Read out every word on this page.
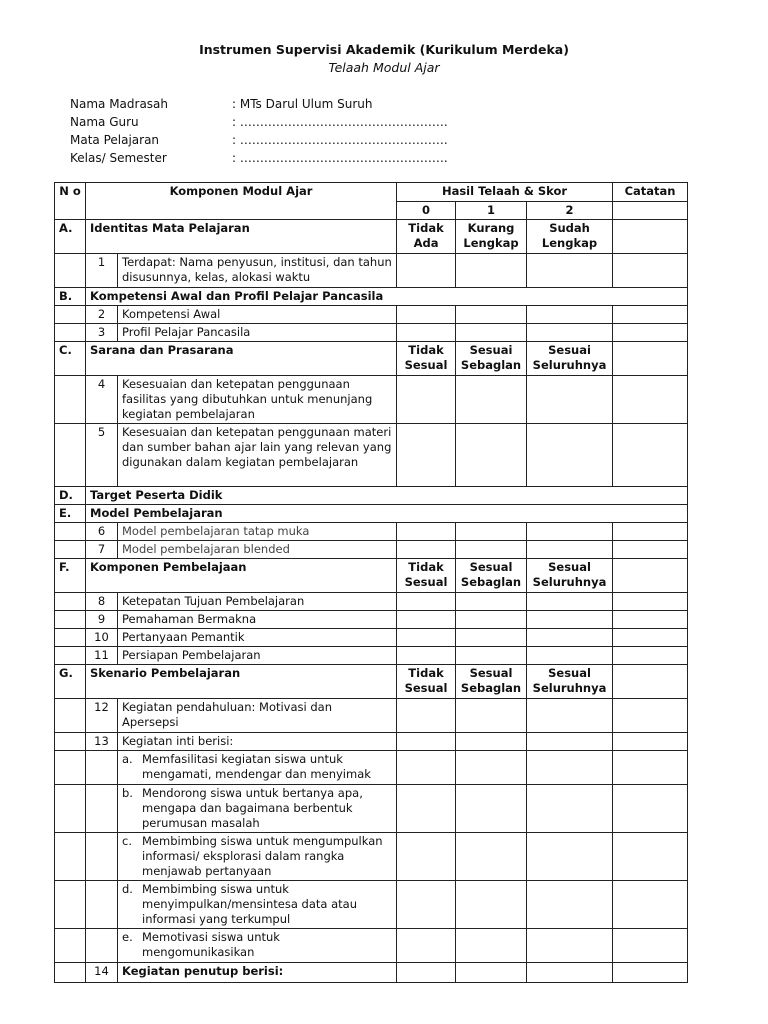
Instrumen Supervisi Akademik (Kurikulum Merdeka)
Telaah Modul Ajar
Nama Madrasah	: MTs Darul Ulum Suruh
Nama Guru	: …………………………………………….
Mata Pelajaran	: …………………………………………….
Kelas/ Semester	: …………………………………………….
N o	Komponen Modul Ajar		Hasil Telaah & Skor			Catatan
			0	1	2	
A.	Identitas Mata Pelajaran		Tidak Ada	Kurang Lengkap	Sudah Lengkap	
	1	Terdapat: Nama penyusun, institusi, dan tahun disusunnya, kelas, alokasi waktu				
B.	Kompetensi Awal dan Profil Pelajar Pancasila					
	2	Kompetensi Awal				
	3	Profil Pelajar Pancasila				
C.	Sarana dan Prasarana		Tidak Sesual	Sesuai Sebaglan	Sesuai Seluruhnya	
	4	Kesesuaian dan ketepatan penggunaan fasilitas yang dibutuhkan untuk menunjang kegiatan pembelajaran				
	5	Kesesuaian dan ketepatan penggunaan materi dan sumber bahan ajar lain yang relevan yang digunakan dalam kegiatan pembelajaran				
D.	Target Peserta Didik					
E.	Model Pembelajaran					
	6	Model pembelajaran tatap muka				
	7	Model pembelajaran blended				
F.	Komponen Pembelajaan		Tidak Sesual	Sesual Sebaglan	Sesual Seluruhnya	
	8	Ketepatan Tujuan Pembelajaran				
	9	Pemahaman Bermakna				
	10	Pertanyaan Pemantik				
	11	Persiapan Pembelajaran				
G.	Skenario Pembelajaran		Tidak Sesual	Sesual Sebaglan	Sesual Seluruhnya	
	12	Kegiatan pendahuluan: Motivasi dan Apersepsi				
	13	Kegiatan inti berisi:				

		a. Memfasilitasi kegiatan siswa untuk mengamati, mendengar dan menyimak				

		b. Mendorong siswa untuk bertanya apa, mengapa dan bagaimana berbentuk perumusan masalah				

		c. Membimbing siswa untuk mengumpulkan informasi/ eksplorasi dalam rangka menjawab pertanyaan				

		d. Membimbing siswa untuk menyimpulkan/mensintesa data atau informasi yang terkumpul				

		e. Memotivasi siswa untuk mengomunikasikan				

	14	Kegiatan penutup berisi:				
